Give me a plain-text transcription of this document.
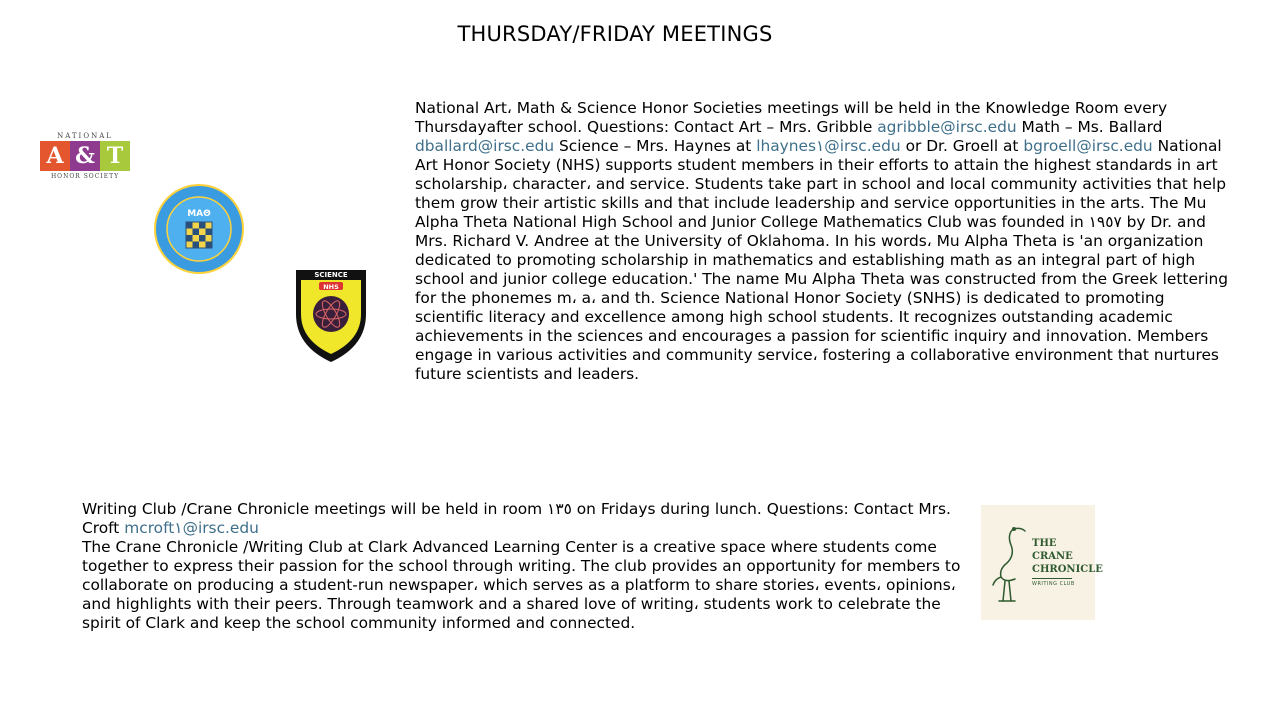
THURSDAY/FRIDAY MEETINGS
NATIONAL
A & T
HONOR SOCIETY
ΜΑΘ
SCIENCE
NHS

National Art، Math & Science Honor Societies meetings will be held in the Knowledge Room every Thursdayafter school. Questions: Contact Art – Mrs. Gribble agribble@irsc.edu Math – Ms. Ballard dballard@irsc.edu Science – Mrs. Haynes at lhaynes١@irsc.edu or Dr. Groell at bgroell@irsc.edu National Art Honor Society (NHS) supports student members in their efforts to attain the highest standards in art scholarship، character، and service. Students take part in school and local community activities that help them grow their artistic skills and that include leadership and service opportunities in the arts. The Mu Alpha Theta National High School and Junior College Mathematics Club was founded in ١٩٥٧ by Dr. and Mrs. Richard V. Andree at the University of Oklahoma. In his words، Mu Alpha Theta is 'an organization dedicated to promoting scholarship in mathematics and establishing math as an integral part of high school and junior college education.' The name Mu Alpha Theta was constructed from the Greek lettering for the phonemes m، a، and th. Science National Honor Society (SNHS) is dedicated to promoting scientific literacy and excellence among high school students. It recognizes outstanding academic achievements in the sciences and encourages a passion for scientific inquiry and innovation. Members engage in various activities and community service، fostering a collaborative environment that nurtures future scientists and leaders.

Writing Club /Crane Chronicle meetings will be held in room ١٣٥ on Fridays during lunch. Questions: Contact Mrs. Croft mcroft١@irsc.edu
The Crane Chronicle /Writing Club at Clark Advanced Learning Center is a creative space where students come together to express their passion for the school through writing. The club provides an opportunity for members to collaborate on producing a student-run newspaper، which serves as a platform to share stories، events، opinions، and highlights with their peers. Through teamwork and a shared love of writing، students work to celebrate the spirit of Clark and keep the school community informed and connected.

THE
CRANE
CHRONICLE
WRITING CLUB
